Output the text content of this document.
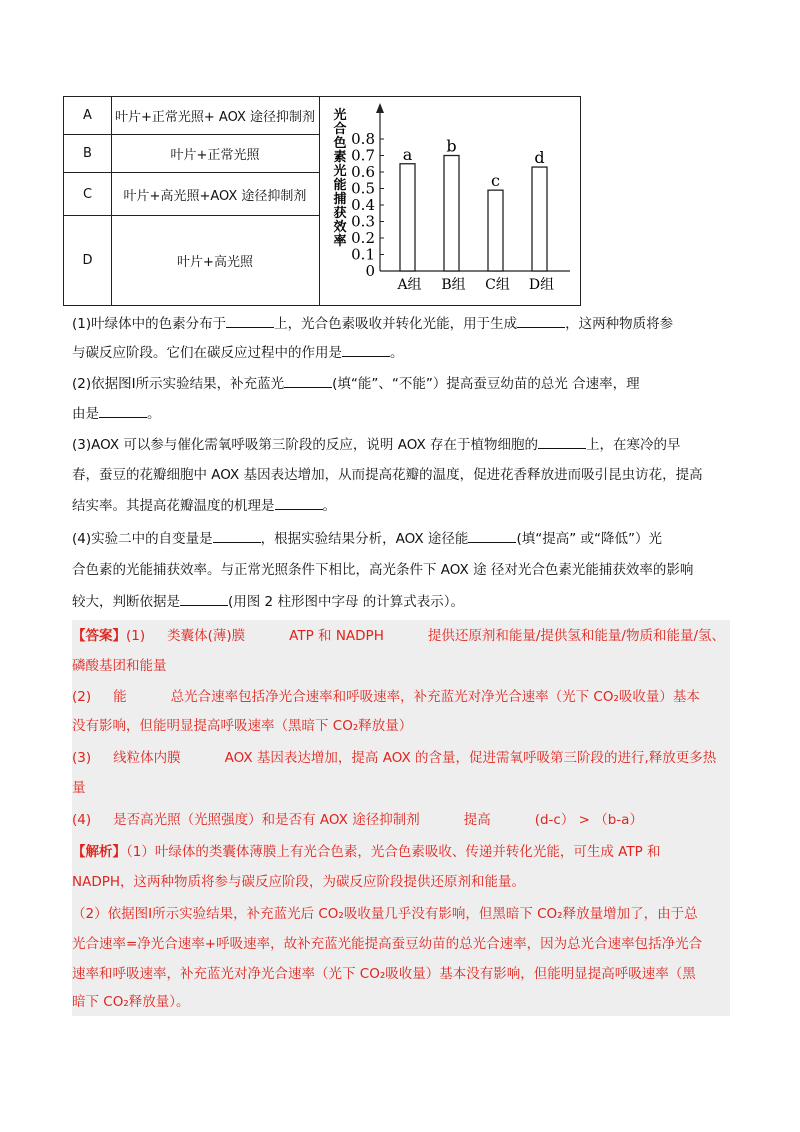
A	叶片+正常光照+ AOX 途径抑制剂
B	叶片+正常光照
C	叶片+高光照+AOX 途径抑制剂
D	叶片+高光照
光
合
色
素
光
能
捕
获
效
率
0
0.1
0.2
0.3
0.4
0.5
0.6
0.7
0.8
a b
c
d
A组 B组 C组 D组
(1)叶绿体中的色素分布于	上，光合色素吸收并转化光能，用于生成	，这两种物质将参
与碳反应阶段。它们在碳反应过程中的作用是	。
(2)依据图Ⅰ所示实验结果，补充蓝光	(填“能”、“不能”）提高蚕豆幼苗的总光 合速率，理
由是	。
(3)AOX 可以参与催化需氧呼吸第三阶段的反应，说明 AOX 存在于植物细胞的	上，在寒冷的早
春，蚕豆的花瓣细胞中 AOX 基因表达增加，从而提高花瓣的温度，促进花香释放进而吸引昆虫访花，提高
结实率。其提高花瓣温度的机理是	。
(4)实验二中的自变量是	，根据实验结果分析，AOX 途径能	(填“提高” 或“降低”）光
合色素的光能捕获效率。与正常光照条件下相比，高光条件下 AOX 途 径对光合色素光能捕获效率的影响
较大，判断依据是	(用图 2 柱形图中字母 的计算式表示）。
【答案】(1) 类囊体(薄)膜	ATP 和 NADPH	提供还原剂和能量/提供氢和能量/物质和能量/氢、
磷酸基团和能量
(2) 能	总光合速率包括净光合速率和呼吸速率，补充蓝光对净光合速率（光下 CO₂吸收量）基本
没有影响，但能明显提高呼吸速率（黑暗下 CO₂释放量）
(3) 线粒体内膜	AOX 基因表达增加，提高 AOX 的含量，促进需氧呼吸第三阶段的进行,释放更多热
量
(4) 是否高光照（光照强度）和是否有 AOX 途径抑制剂	提高	(d-c） > （b-a）
【解析】（1）叶绿体的类囊体薄膜上有光合色素，光合色素吸收、传递并转化光能，可生成 ATP 和
NADPH，这两种物质将参与碳反应阶段，为碳反应阶段提供还原剂和能量。
（2）依据图Ⅰ所示实验结果，补充蓝光后 CO₂吸收量几乎没有影响，但黑暗下 CO₂释放量增加了，由于总
光合速率=净光合速率+呼吸速率，故补充蓝光能提高蚕豆幼苗的总光合速率，因为总光合速率包括净光合
速率和呼吸速率，补充蓝光对净光合速率（光下 CO₂吸收量）基本没有影响，但能明显提高呼吸速率（黑
暗下 CO₂释放量）。
